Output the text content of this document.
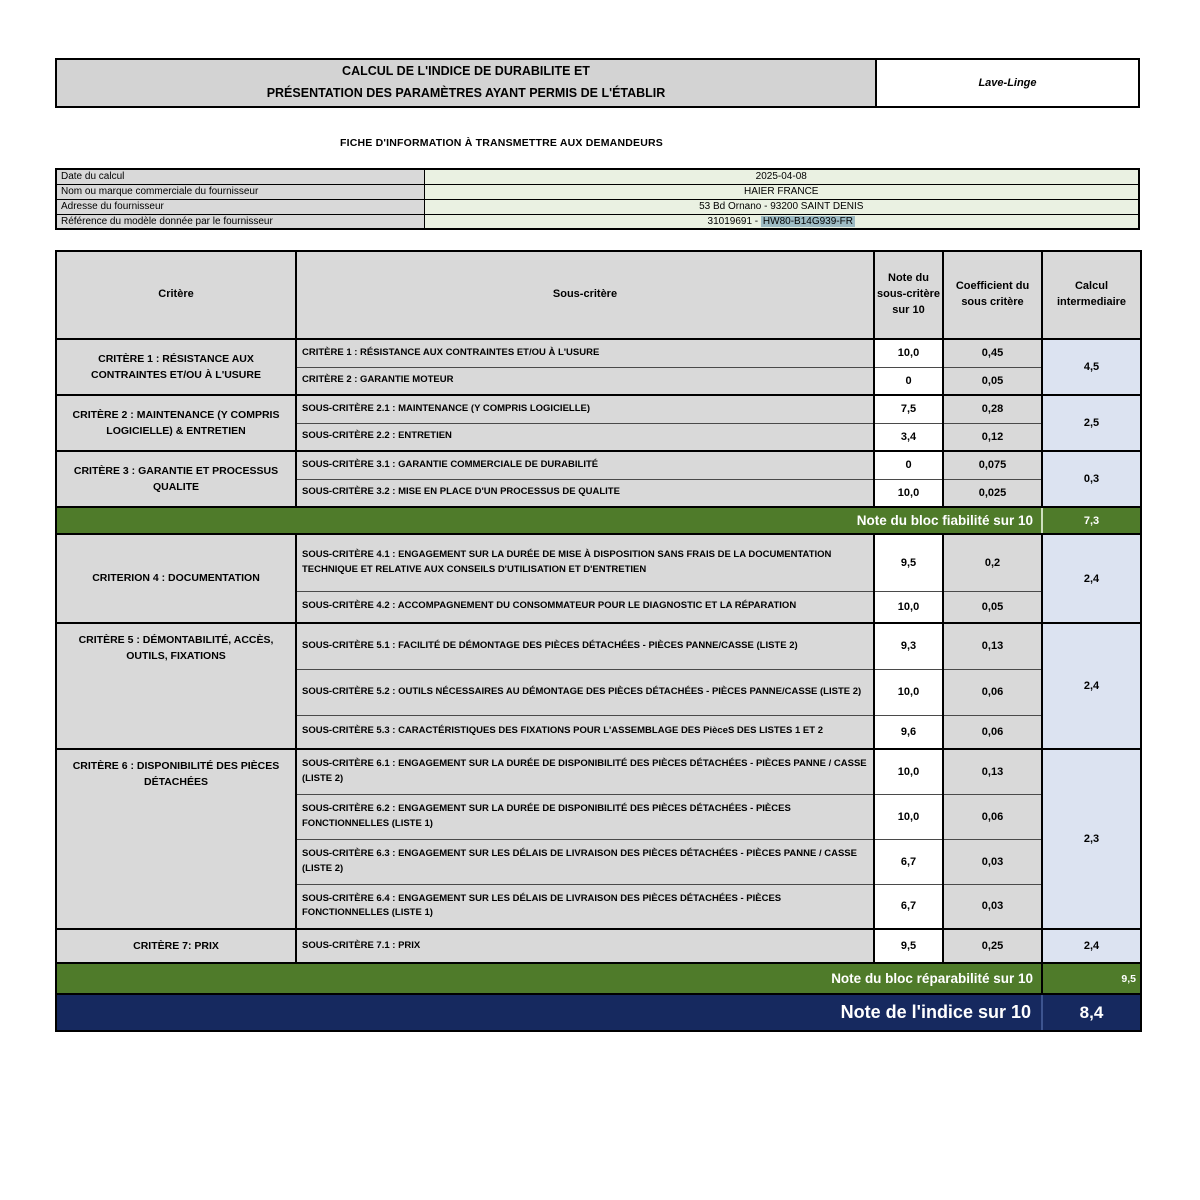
CALCUL DE L'INDICE DE DURABILITE ET
PRÉSENTATION DES PARAMÈTRES AYANT PERMIS DE L'ÉTABLIR
Lave-Linge
FICHE D'INFORMATION À TRANSMETTRE AUX DEMANDEURS
Date du calcul	2025-04-08
Nom ou marque commerciale du fournisseur	HAIER FRANCE
Adresse du fournisseur	53 Bd Ornano - 93200 SAINT DENIS
Référence du modèle donnée par le fournisseur	31019691 - HW80-B14G939-FR
Critère	Sous-critère	Note du sous-critère sur 10	Coefficient du sous critère	Calcul intermediaire
CRITÈRE 1 : RÉSISTANCE AUX CONTRAINTES ET/OU À L'USURE	CRITÈRE 1 : RÉSISTANCE AUX CONTRAINTES ET/OU À L'USURE	10,0	0,45	4,5
	CRITÈRE 2 : GARANTIE MOTEUR	0	0,05	
CRITÈRE 2 : MAINTENANCE (Y COMPRIS LOGICIELLE) & ENTRETIEN	SOUS-CRITÈRE 2.1 : MAINTENANCE (Y COMPRIS LOGICIELLE)	7,5	0,28	2,5
	SOUS-CRITÈRE 2.2 : ENTRETIEN	3,4	0,12	
CRITÈRE 3 : GARANTIE ET PROCESSUS QUALITE	SOUS-CRITÈRE 3.1 : GARANTIE COMMERCIALE DE DURABILITÉ	0	0,075	0,3
	SOUS-CRITÈRE 3.2 : MISE EN PLACE D'UN PROCESSUS DE QUALITE	10,0	0,025	
Note du bloc fiabilité sur 10				7,3
CRITERION 4 : DOCUMENTATION	SOUS-CRITÈRE 4.1 : ENGAGEMENT SUR LA DURÉE DE MISE À DISPOSITION SANS FRAIS DE LA DOCUMENTATION TECHNIQUE ET RELATIVE AUX CONSEILS D'UTILISATION ET D'ENTRETIEN	9,5	0,2	2,4
	SOUS-CRITÈRE 4.2 : ACCOMPAGNEMENT DU CONSOMMATEUR POUR LE DIAGNOSTIC ET LA RÉPARATION	10,0	0,05	
CRITÈRE 5 : DÉMONTABILITÉ, ACCÈS, OUTILS, FIXATIONS	SOUS-CRITÈRE 5.1 : FACILITÉ DE DÉMONTAGE DES PIÈCES DÉTACHÉES - PIÈCES PANNE/CASSE (LISTE 2)	9,3	0,13	2,4
	SOUS-CRITÈRE 5.2 : OUTILS NÉCESSAIRES AU DÉMONTAGE DES PIÈCES DÉTACHÉES - PIÈCES PANNE/CASSE (LISTE 2)	10,0	0,06	
	SOUS-CRITÈRE 5.3 : CARACTÉRISTIQUES DES FIXATIONS POUR L'ASSEMBLAGE DES PièceS DES LISTES 1 ET 2	9,6	0,06	
CRITÈRE 6 : DISPONIBILITÉ DES PIÈCES DÉTACHÉES	SOUS-CRITÈRE 6.1 : ENGAGEMENT SUR LA DURÉE DE DISPONIBILITÉ DES PIÈCES DÉTACHÉES - PIÈCES PANNE / CASSE (LISTE 2)	10,0	0,13	2,3
	SOUS-CRITÈRE 6.2 : ENGAGEMENT SUR LA DURÉE DE DISPONIBILITÉ DES PIÈCES DÉTACHÉES - PIÈCES FONCTIONNELLES (LISTE 1)	10,0	0,06	
	SOUS-CRITÈRE 6.3 : ENGAGEMENT SUR LES DÉLAIS DE LIVRAISON DES PIÈCES DÉTACHÉES - PIÈCES PANNE / CASSE (LISTE 2)	6,7	0,03	
	SOUS-CRITÈRE 6.4 : ENGAGEMENT SUR LES DÉLAIS DE LIVRAISON DES PIÈCES DÉTACHÉES - PIÈCES FONCTIONNELLES (LISTE 1)	6,7	0,03	
CRITÈRE 7: PRIX	SOUS-CRITÈRE 7.1 : PRIX	9,5	0,25	2,4
Note du bloc réparabilité sur 10				9,5
Note de l'indice sur 10				8,4
